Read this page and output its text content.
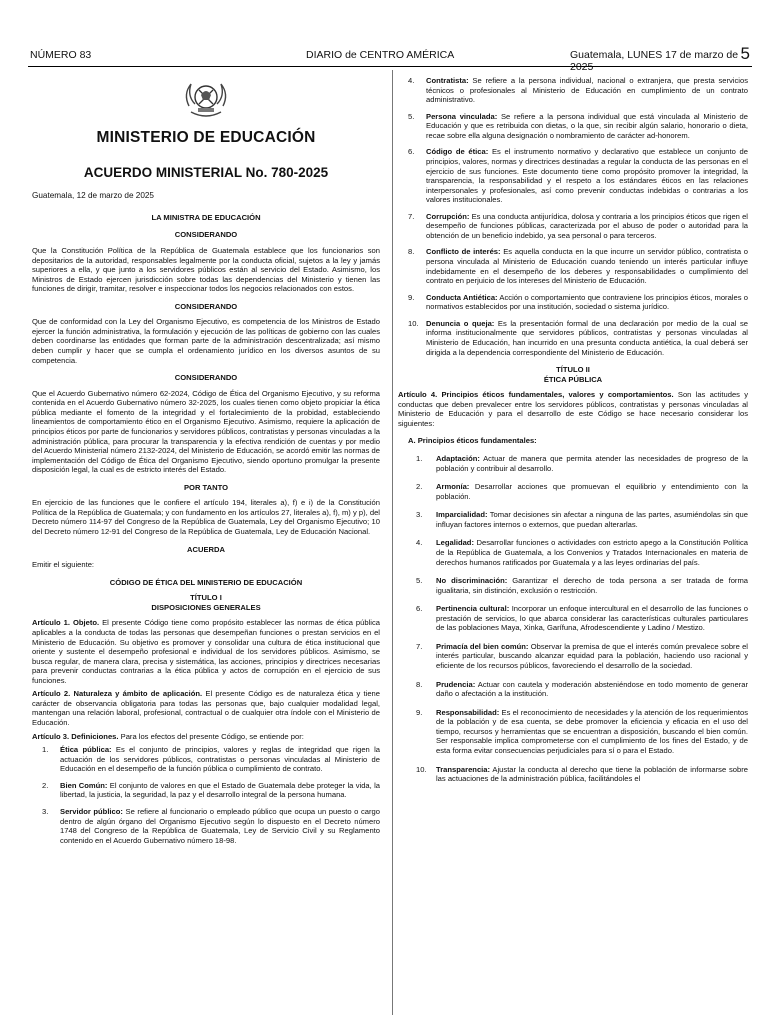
NÚMERO 83	DIARIO de CENTRO AMÉRICA	Guatemala, LUNES 17 de marzo de 2025
5
MINISTERIO DE EDUCACIÓN
ACUERDO MINISTERIAL No. 780-2025
Guatemala, 12 de marzo de 2025
LA MINISTRA DE EDUCACIÓN
CONSIDERANDO

Que la Constitución Política de la República de Guatemala establece que los funcionarios son depositarios de la autoridad, responsables legalmente por la conducta oficial, sujetos a la ley y jamás superiores a ella, y que junto a los servidores públicos están al servicio del Estado. Asimismo, los Ministros de Estado ejercen jurisdicción sobre todas las dependencias del Ministerio y tienen las funciones de dirigir, tramitar, resolver e inspeccionar todos los negocios relacionados con estos.

CONSIDERANDO

Que de conformidad con la Ley del Organismo Ejecutivo, es competencia de los Ministros de Estado ejercer la función administrativa, la formulación y ejecución de las políticas de gobierno con las cuales deben coordinarse las entidades que forman parte de la administración descentralizada; así mismo deben cumplir y hacer que se cumpla el ordenamiento jurídico en los diversos asuntos de su competencia.

CONSIDERANDO

Que el Acuerdo Gubernativo número 62-2024, Código de Ética del Organismo Ejecutivo, y su reforma contenida en el Acuerdo Gubernativo número 32-2025, los cuales tienen como objeto propiciar la ética pública mediante el fomento de la integridad y el fortalecimiento de la probidad, estableciendo lineamientos de comportamiento ético en el Organismo Ejecutivo. Asimismo, requiere la aplicación de principios éticos por parte de funcionarios y servidores públicos, contratistas y personas vinculadas a la administración pública, para procurar la transparencia y la efectiva rendición de cuentas y por medio del Acuerdo Ministerial número 2132-2024, del Ministerio de Educación, se acordó emitir las normas de implementación del Código de Ética del Organismo Ejecutivo, siendo oportuno promulgar la presente disposición legal, la cual es de estricto interés del Estado.

POR TANTO

En ejercicio de las funciones que le confiere el artículo 194, literales a), f) e i) de la Constitución Política de la República de Guatemala; y con fundamento en los artículos 27, literales a), f), m) y p), del Decreto número 114-97 del Congreso de la República de Guatemala, Ley del Organismo Ejecutivo; 10 del Decreto número 12-91 del Congreso de la República de Guatemala, Ley de Educación Nacional.

ACUERDA

Emitir el siguiente:

CÓDIGO DE ÉTICA DEL MINISTERIO DE EDUCACIÓN
TÍTULO I
DISPOSICIONES GENERALES

Artículo 1. Objeto. El presente Código tiene como propósito establecer las normas de ética pública aplicables a la conducta de todas las personas que desempeñan funciones o prestan servicios en el Ministerio de Educación. Su objetivo es promover y consolidar una cultura de ética institucional que oriente y sustente el desempeño profesional e individual de los servidores públicos. Asimismo, se busca regular, de manera clara, precisa y sistemática, las acciones, principios y directrices necesarias para prevenir conductas contrarias a la ética pública y actos de corrupción en el ejercicio de sus funciones.

Artículo 2. Naturaleza y ámbito de aplicación. El presente Código es de naturaleza ética y tiene carácter de observancia obligatoria para todas las personas que, bajo cualquier modalidad legal, mantengan una relación laboral, profesional, contractual o de cualquier otra índole con el Ministerio de Educación.

Artículo 3. Definiciones. Para los efectos del presente Código, se entiende por:

1.	Ética pública: Es el conjunto de principios, valores y reglas de integridad que rigen la actuación de los servidores públicos, contratistas o personas vinculadas al Ministerio de Educación en el desempeño de la función pública o cumplimiento de contrato.
2.	Bien Común: El conjunto de valores en que el Estado de Guatemala debe proteger la vida, la libertad, la justicia, la seguridad, la paz y el desarrollo integral de la persona humana.
3.	Servidor público: Se refiere al funcionario o empleado público que ocupa un puesto o cargo dentro de algún órgano del Organismo Ejecutivo según lo dispuesto en el Decreto número 1748 del Congreso de la República de Guatemala, Ley de Servicio Civil y su Reglamento contenido en el Acuerdo Gubernativo número 18-98.
4.	Contratista: Se refiere a la persona individual, nacional o extranjera, que presta servicios técnicos o profesionales al Ministerio de Educación en cumplimiento de un contrato administrativo.
5.	Persona vinculada: Se refiere a la persona individual que está vinculada al Ministerio de Educación y que es retribuida con dietas, o la que, sin recibir algún salario, honorario o dieta, recae sobre ella alguna designación o nombramiento de carácter ad-honorem.
6.	Código de ética: Es el instrumento normativo y declarativo que establece un conjunto de principios, valores, normas y directrices destinadas a regular la conducta de las personas en el ejercicio de sus funciones. Este documento tiene como propósito promover la integridad, la transparencia, la responsabilidad y el respeto a los estándares éticos en las relaciones interpersonales y profesionales, así como prevenir conductas indebidas o contrarias a los valores institucionales.
7.	Corrupción: Es una conducta antijurídica, dolosa y contraria a los principios éticos que rigen el desempeño de funciones públicas, caracterizada por el abuso de poder o autoridad para la obtención de un beneficio indebido, ya sea personal o para terceros.
8.	Conflicto de interés: Es aquella conducta en la que incurre un servidor público, contratista o persona vinculada al Ministerio de Educación cuando teniendo un interés particular influye indebidamente en el desempeño de los deberes y responsabilidades o cumplimiento del contrato en perjuicio de los intereses del Ministerio de Educación.
9.	Conducta Antiética: Acción o comportamiento que contraviene los principios éticos, morales o normativos establecidos por una institución, sociedad o sistema jurídico.
10. Denuncia o queja: Es la presentación formal de una declaración por medio de la cual se informa institucionalmente que servidores públicos, contratistas y personas vinculadas al Ministerio de Educación, han incurrido en una presunta conducta antiética, la cual deberá ser dirigida a la dependencia correspondiente del Ministerio de Educación.
TÍTULO II
ÉTICA PÚBLICA

Artículo 4. Principios éticos fundamentales, valores y comportamientos. Son las actitudes y conductas que deben prevalecer entre los servidores públicos, contratistas y personas vinculadas al Ministerio de Educación y para el desarrollo de este Código se hace necesario considerar los siguientes:

A. Principios éticos fundamentales:
1.	Adaptación: Actuar de manera que permita atender las necesidades de progreso de la población y contribuir al desarrollo.
2.	Armonía: Desarrollar acciones que promuevan el equilibrio y entendimiento con la población.
3.	Imparcialidad: Tomar decisiones sin afectar a ninguna de las partes, asumiéndolas sin que influyan factores internos o externos, que puedan alterarlas.
4.	Legalidad: Desarrollar funciones o actividades con estricto apego a la Constitución Política de la República de Guatemala, a los Convenios y Tratados Internacionales en materia de derechos humanos ratificados por Guatemala y a las leyes ordinarias del país.
5.	No discriminación: Garantizar el derecho de toda persona a ser tratada de forma igualitaria, sin distinción, exclusión o restricción.
6.	Pertinencia cultural: Incorporar un enfoque intercultural en el desarrollo de las funciones o prestación de servicios, lo que abarca considerar las características culturales particulares de las poblaciones Maya, Xinka, Garífuna, Afrodescendiente y Ladino / Mestizo.
7.	Primacía del bien común: Observar la premisa de que el interés común prevalece sobre el interés particular, buscando alcanzar equidad para la población, haciendo uso racional y eficiente de los recursos públicos, favoreciendo el desarrollo de la sociedad.
8.	Prudencia: Actuar con cautela y moderación absteniéndose en todo momento de generar daño o afectación a la institución.
9.	Responsabilidad: Es el reconocimiento de necesidades y la atención de los requerimientos de la población y de esa cuenta, se debe promover la eficiencia y eficacia en el uso del tiempo, recursos y herramientas que se encuentran a disposición, buscando el bien común. Ser responsable implica comprometerse con el cumplimiento de los fines del Estado, y de esta forma evitar consecuencias perjudiciales para sí o para el Estado.
10.	Transparencia: Ajustar la conducta al derecho que tiene la población de informarse sobre las actuaciones de la administración pública, facilitándoles el
